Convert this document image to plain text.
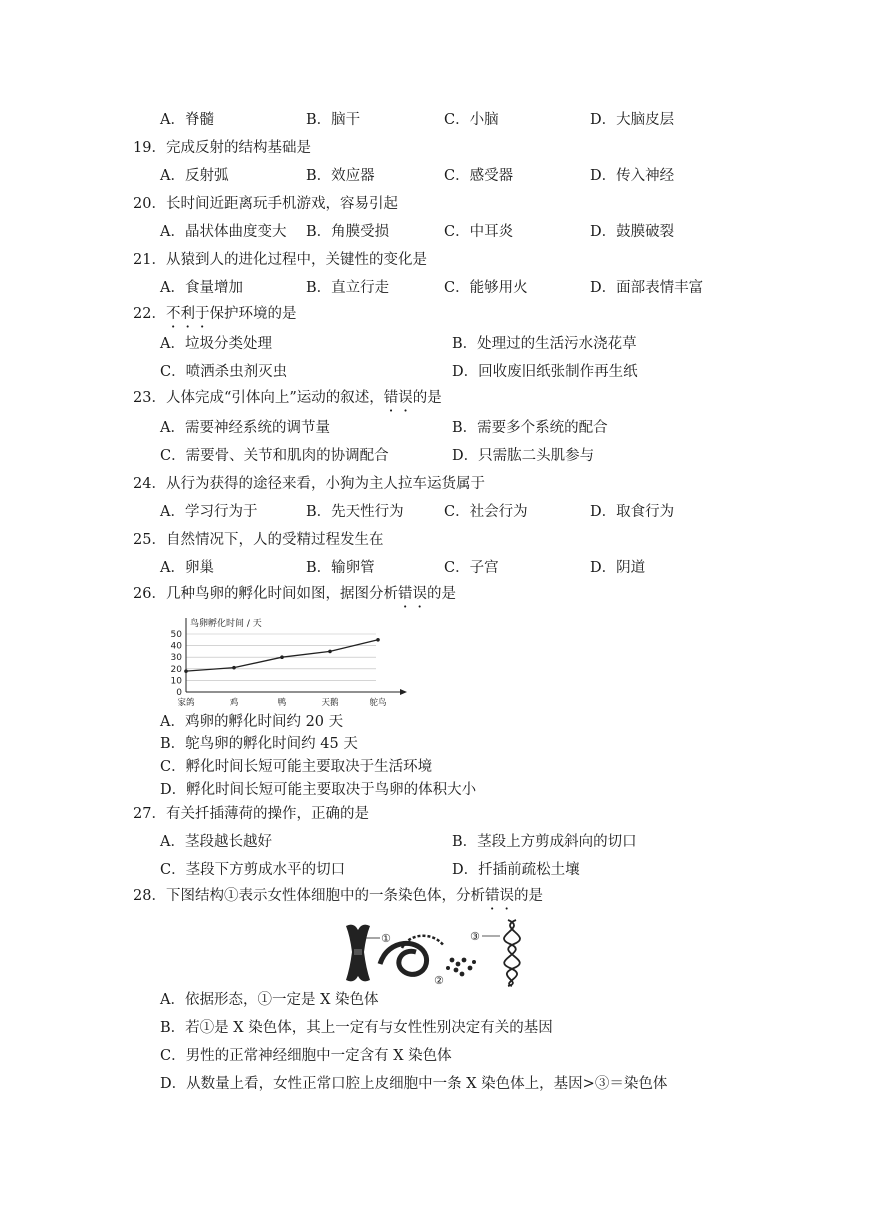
A．脊髓	B．脑干	C．小脑	D．大脑皮层
19．完成反射的结构基础是
A．反射弧	B．效应器	C．感受器	D．传入神经
20．长时间近距离玩手机游戏，容易引起
A．晶状体曲度变大 B．角膜受损	C．中耳炎	D．鼓膜破裂
21．从猿到人的进化过程中，关键性的变化是
A．食量增加	B．直立行走	C．能够用火	D．面部表情丰富
22．不利于保护环境的是
A．垃圾分类处理	B．处理过的生活污水浇花草
C．喷洒杀虫剂灭虫	D．回收废旧纸张制作再生纸
23．人体完成“引体向上”运动的叙述，错误的是
A．需要神经系统的调节量	B．需要多个系统的配合
C．需要骨、关节和肌肉的协调配合	D．只需肱二头肌参与
24．从行为获得的途径来看，小狗为主人拉车运货属于
A．学习行为于	B．先天性行为	C．社会行为	D．取食行为
25．自然情况下，人的受精过程发生在
A．卵巢	B．输卵管	C．子宫	D．阴道
26．几种鸟卵的孵化时间如图，据图分析错误的是
0
10
20
30
40
50
家鸽	鸡	鸭	天鹅	鸵鸟
鸟卵孵化时间 / 天
A．鸡卵的孵化时间约 20 天
B．鸵鸟卵的孵化时间约 45 天
C．孵化时间长短可能主要取决于生活环境
D．孵化时间长短可能主要取决于鸟卵的体积大小
27．有关扦插薄荷的操作，正确的是
A．茎段越长越好	B．茎段上方剪成斜向的切口
C．茎段下方剪成水平的切口	D．扦插前疏松土壤
28．下图结构①表示女性体细胞中的一条染色体，分析错误的是
①
②
③
A．依据形态，①一定是 X 染色体
B．若①是 X 染色体，其上一定有与女性性别决定有关的基因
C．男性的正常神经细胞中一定含有 X 染色体
D．从数量上看，女性正常口腔上皮细胞中一条 X 染色体上，基因>③＝染色体
